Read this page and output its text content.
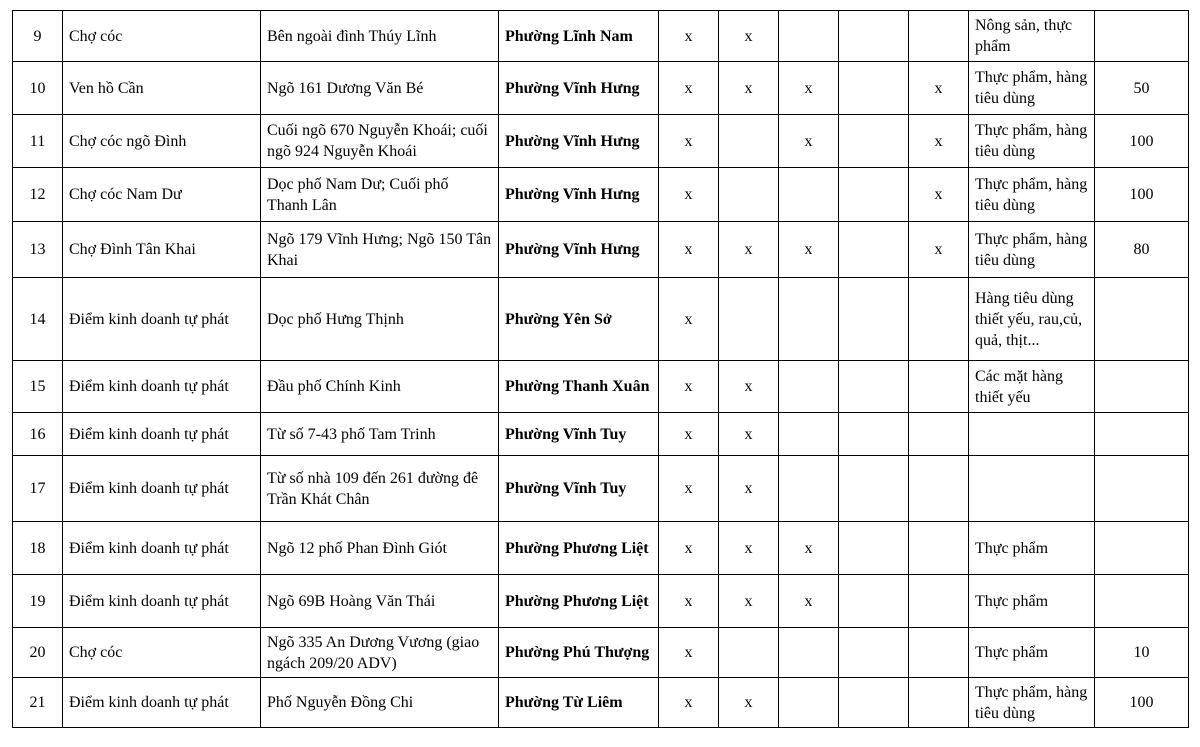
9	Chợ cóc	Bên ngoài đình Thúy Lĩnh	Phường Lĩnh Nam	x	x				Nông sản, thực phẩm	
10	Ven hồ Cần	Ngõ 161 Dương Văn Bé	Phường Vĩnh Hưng	x	x	x		x	Thực phẩm, hàng tiêu dùng	50
11	Chợ cóc ngõ Đình	Cuối ngõ 670 Nguyễn Khoái; cuối ngõ 924 Nguyễn Khoái	Phường Vĩnh Hưng	x		x		x	Thực phẩm, hàng tiêu dùng	100
12	Chợ cóc Nam Dư	Dọc phố Nam Dư; Cuối phố Thanh Lân	Phường Vĩnh Hưng	x				x	Thực phẩm, hàng tiêu dùng	100
13	Chợ Đình Tân Khai	Ngõ 179 Vĩnh Hưng; Ngõ 150 Tân Khai	Phường Vĩnh Hưng	x	x	x		x	Thực phẩm, hàng tiêu dùng	80
14	Điểm kinh doanh tự phát	Dọc phố Hưng Thịnh	Phường Yên Sở	x					Hàng tiêu dùng thiết yếu, rau,củ, quả, thịt...	
15	Điểm kinh doanh tự phát	Đầu phố Chính Kinh	Phường Thanh Xuân	x	x				Các mặt hàng thiết yếu	
16	Điểm kinh doanh tự phát	Từ số 7-43 phố Tam Trinh	Phường Vĩnh Tuy	x	x					
17	Điểm kinh doanh tự phát	Từ số nhà 109 đến 261 đường đê Trần Khát Chân	Phường Vĩnh Tuy	x	x					
18	Điểm kinh doanh tự phát	Ngõ 12 phố Phan Đình Giót	Phường Phương Liệt	x	x	x			Thực phẩm	
19	Điểm kinh doanh tự phát	Ngõ 69B Hoàng Văn Thái	Phường Phương Liệt	x	x	x			Thực phẩm	
20	Chợ cóc	Ngõ 335 An Dương Vương (giao ngách 209/20 ADV)	Phường Phú Thượng	x					Thực phẩm	10
21	Điểm kinh doanh tự phát	Phố Nguyễn Đồng Chi	Phường Từ Liêm	x	x				Thực phẩm, hàng tiêu dùng	100
